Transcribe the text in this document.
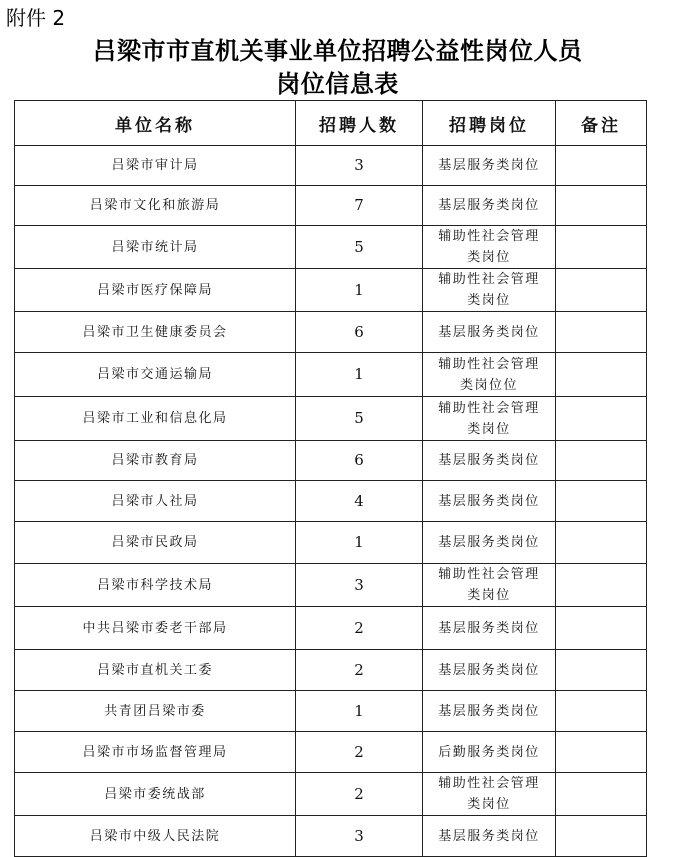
附件 2
吕梁市市直机关事业单位招聘公益性岗位人员
岗位信息表
单位名称	招聘人数	招聘岗位	备注
吕梁市审计局	3	基层服务类岗位	
吕梁市文化和旅游局	7	基层服务类岗位	
吕梁市统计局	5	辅助性社会管理类岗位	
吕梁市医疗保障局	1	辅助性社会管理类岗位	
吕梁市卫生健康委员会	6	基层服务类岗位	
吕梁市交通运输局	1	辅助性社会管理类岗位位	
吕梁市工业和信息化局	5	辅助性社会管理类岗位	
吕梁市教育局	6	基层服务类岗位	
吕梁市人社局	4	基层服务类岗位	
吕梁市民政局	1	基层服务类岗位	
吕梁市科学技术局	3	辅助性社会管理类岗位	
中共吕梁市委老干部局	2	基层服务类岗位	
吕梁市直机关工委	2	基层服务类岗位	
共青团吕梁市委	1	基层服务类岗位	
吕梁市市场监督管理局	2	后勤服务类岗位	
吕梁市委统战部	2	辅助性社会管理类岗位	
吕梁市中级人民法院	3	基层服务类岗位	
